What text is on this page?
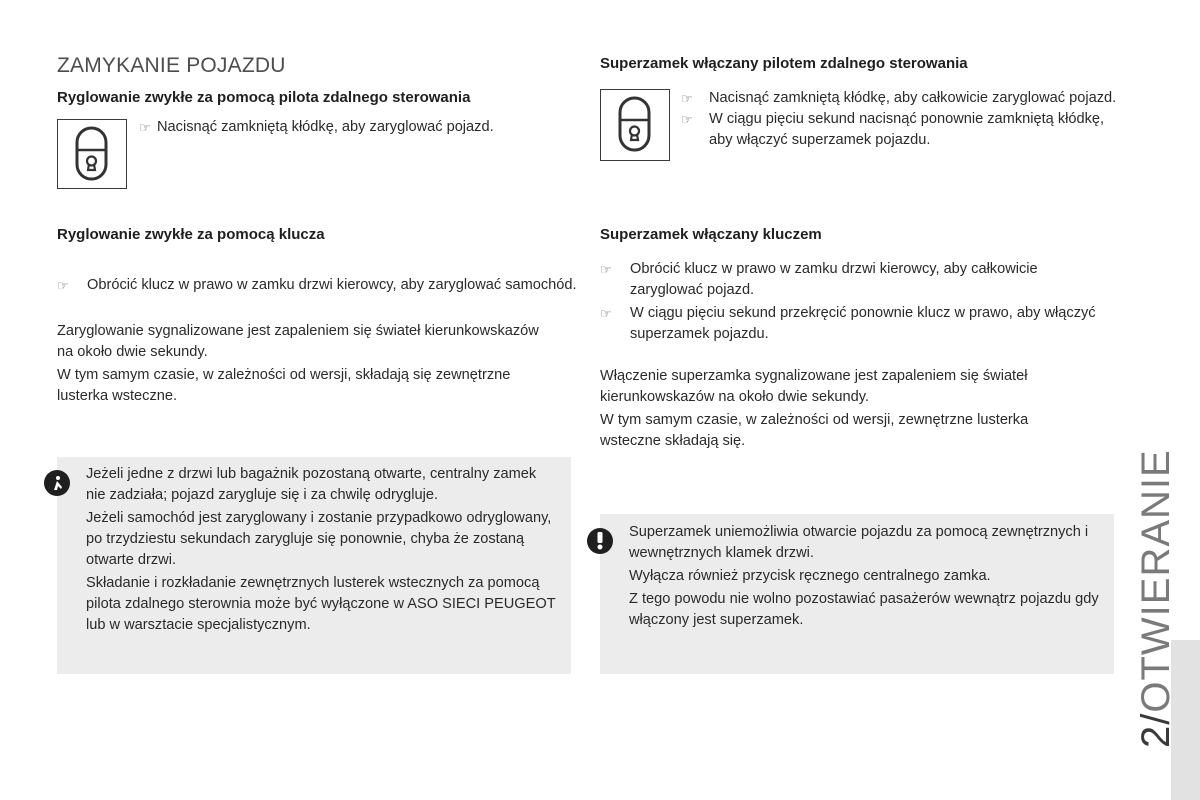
ZAMYKANIE POJAZDU
Ryglowanie zwykłe za pomocą pilota zdalnego sterowania
☞ Nacisnąć zamkniętą kłódkę, aby zaryglować pojazd.
Ryglowanie zwykłe za pomocą klucza
☞ Obrócić klucz w prawo w zamku drzwi kierowcy, aby zaryglować samochód.
Zaryglowanie sygnalizowane jest zapaleniem się świateł kierunkowskazów na około dwie sekundy.
W tym samym czasie, w zależności od wersji, składają się zewnętrzne lusterka wsteczne.
Jeżeli jedne z drzwi lub bagażnik pozostaną otwarte, centralny zamek nie zadziała; pojazd zarygluje się i za chwilę odrygluje.
Jeżeli samochód jest zaryglowany i zostanie przypadkowo odryglowany, po trzydziestu sekundach zarygluje się ponownie, chyba że zostaną otwarte drzwi.
Składanie i rozkładanie zewnętrznych lusterek wstecznych za pomocą pilota zdalnego sterownia może być wyłączone w ASO SIECI PEUGEOT lub w warsztacie specjalistycznym.
Superzamek włączany pilotem zdalnego sterowania
☞ Nacisnąć zamkniętą kłódkę, aby całkowicie zaryglować pojazd.
☞ W ciągu pięciu sekund nacisnąć ponownie zamkniętą kłódkę, aby włączyć superzamek pojazdu.
Superzamek włączany kluczem
☞ Obrócić klucz w prawo w zamku drzwi kierowcy, aby całkowicie zaryglować pojazd.
☞ W ciągu pięciu sekund przekręcić ponownie klucz w prawo, aby włączyć superzamek pojazdu.
Włączenie superzamka sygnalizowane jest zapaleniem się świateł kierunkowskazów na około dwie sekundy.
W tym samym czasie, w zależności od wersji, zewnętrzne lusterka wsteczne składają się.
Superzamek uniemożliwia otwarcie pojazdu za pomocą zewnętrznych i wewnętrznych klamek drzwi.
Wyłącza również przycisk ręcznego centralnego zamka.
Z tego powodu nie wolno pozostawiać pasażerów wewnątrz pojazdu gdy włączony jest superzamek.
2/OTWIERANIE
